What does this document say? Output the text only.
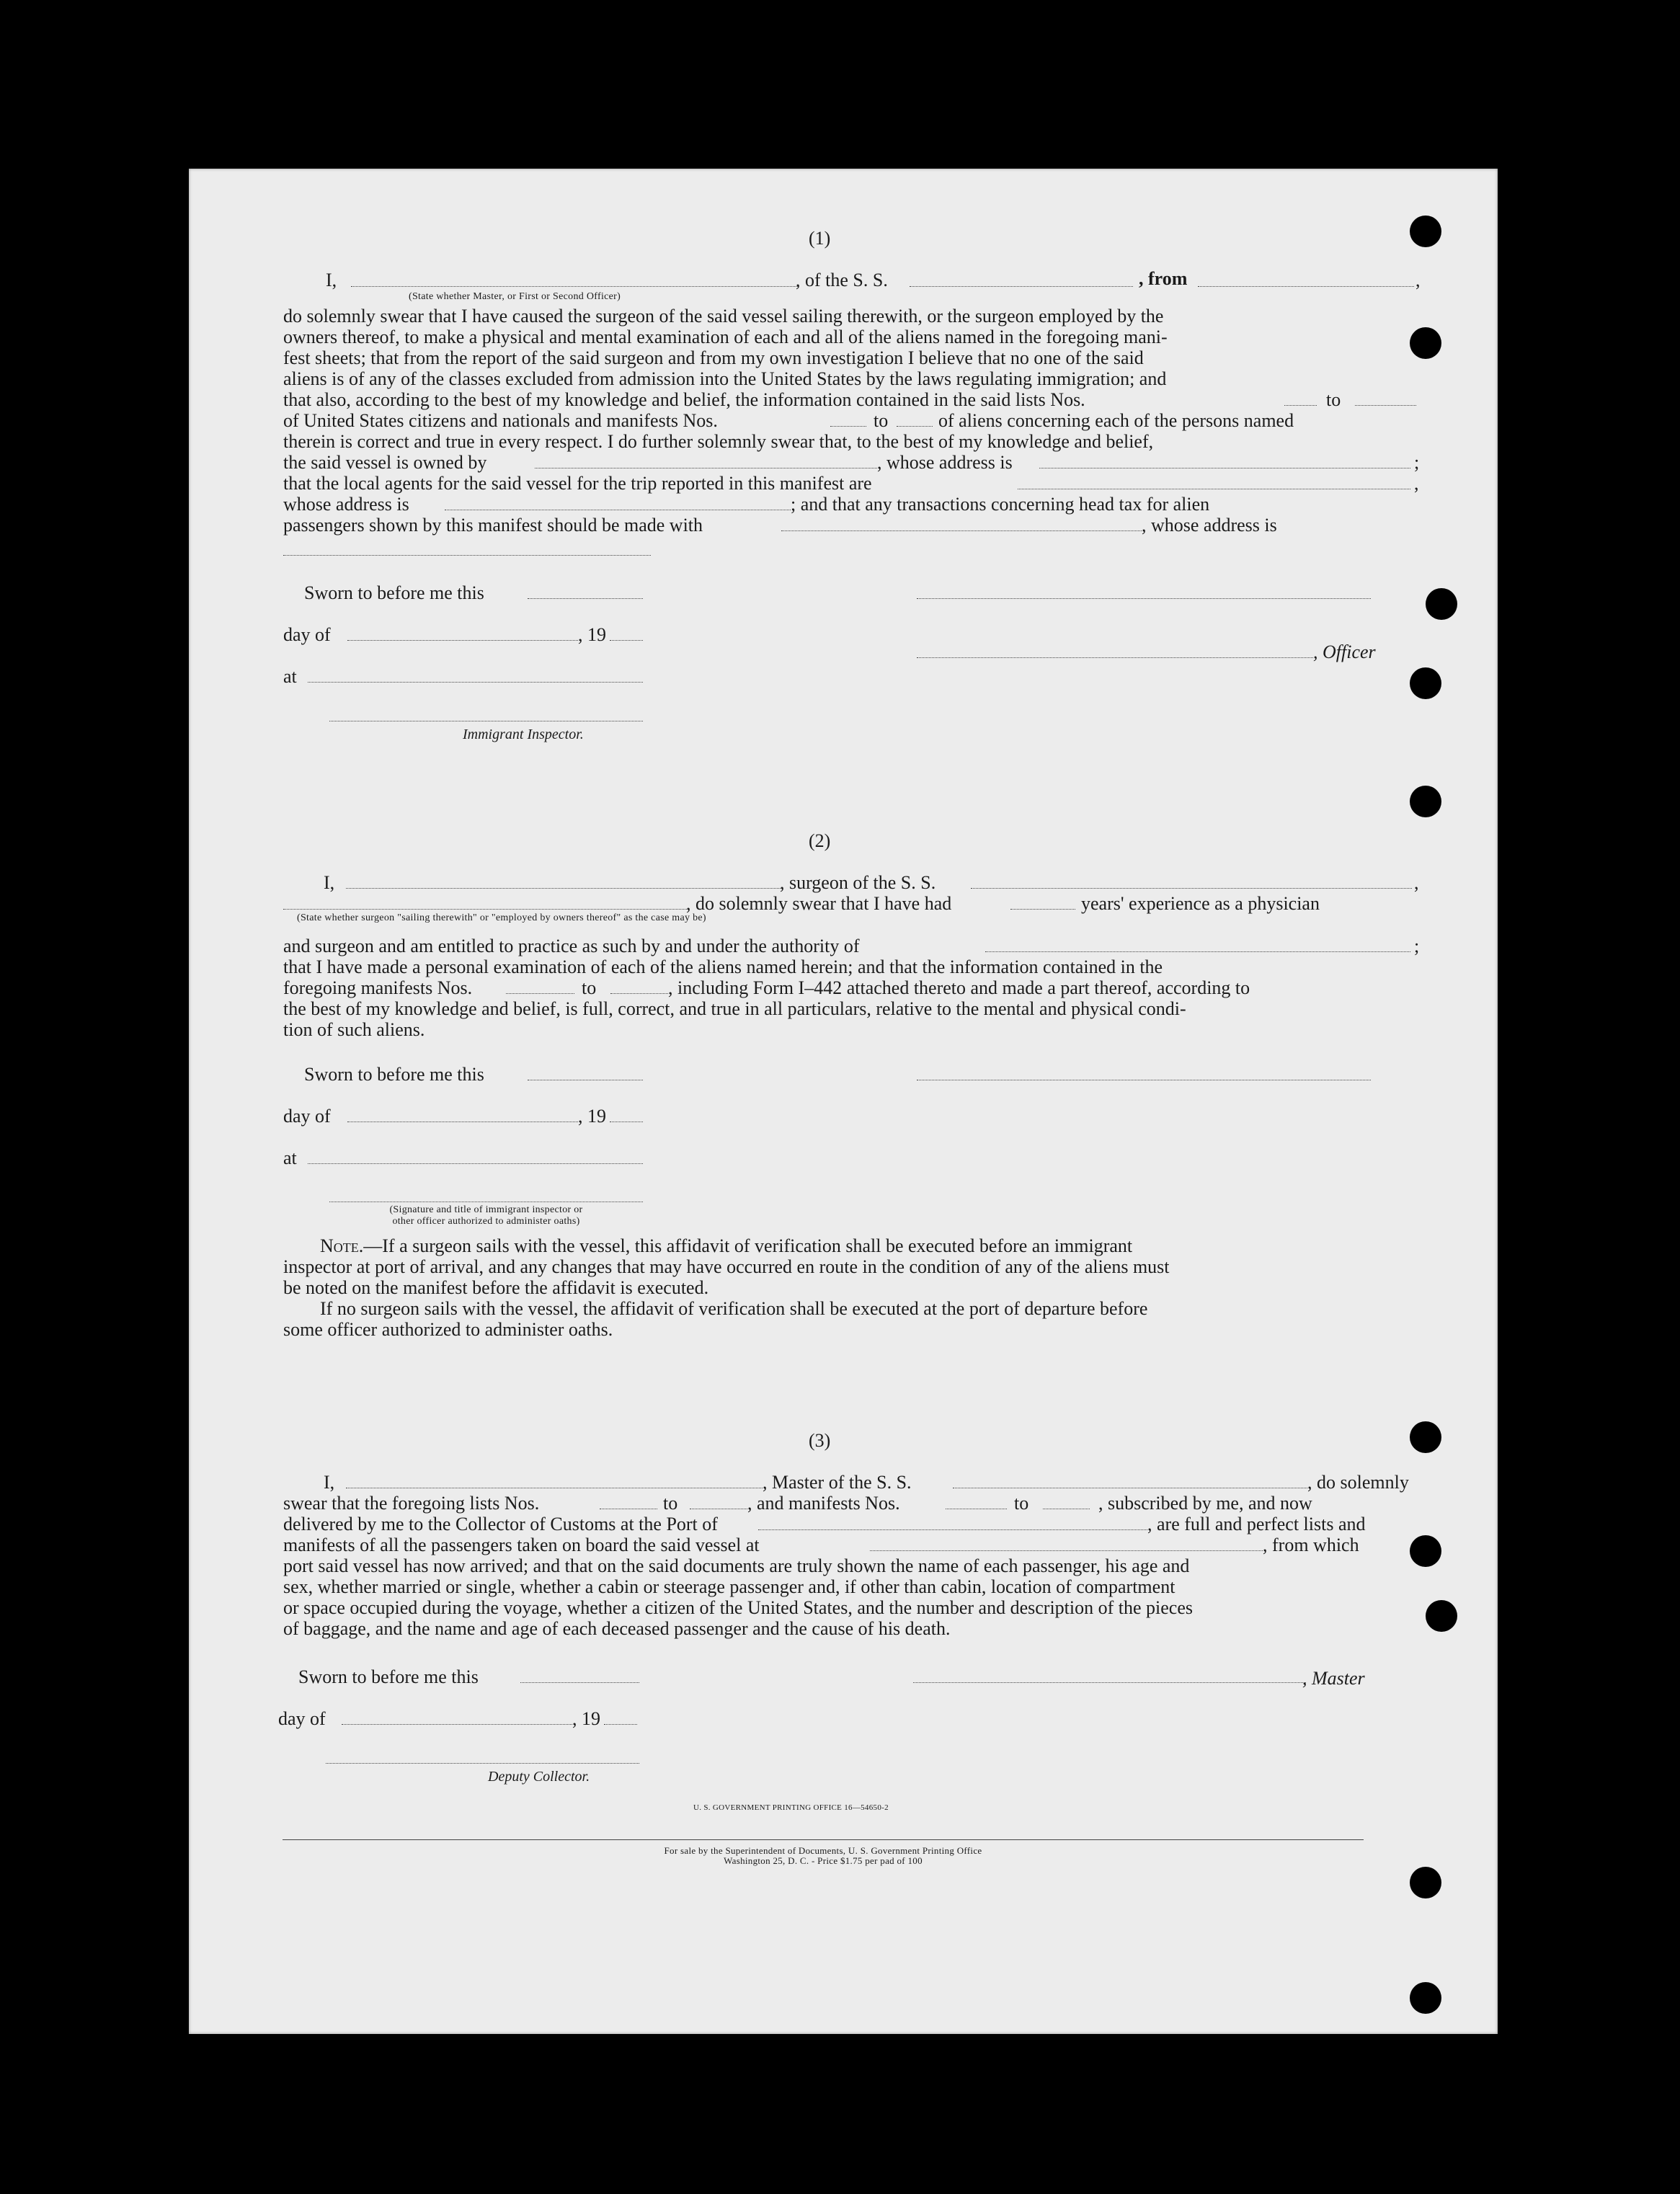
(1)
I,	, of the S. S.	, from	,
(State whether Master, or First or Second Officer)
do solemnly swear that I have caused the surgeon of the said vessel sailing therewith, or the surgeon employed by the
owners thereof, to make a physical and mental examination of each and all of the aliens named in the foregoing mani-
fest sheets; that from the report of the said surgeon and from my own investigation I believe that no one of the said
aliens is of any of the classes excluded from admission into the United States by the laws regulating immigration; and
that also, according to the best of my knowledge and belief, the information contained in the said lists Nos.	to
of United States citizens and nationals and manifests Nos.	to	of aliens concerning each of the persons named
therein is correct and true in every respect. I do further solemnly swear that, to the best of my knowledge and belief,
the said vessel is owned by	, whose address is	;
that the local agents for the said vessel for the trip reported in this manifest are	,
whose address is	; and that any transactions concerning head tax for alien
passengers shown by this manifest should be made with	, whose address is
Sworn to before me this
day of	, 19
, Officer
at
Immigrant Inspector.
(2)
I,	, surgeon of the S. S.	,
, do solemnly swear that I have had	years' experience as a physician
(State whether surgeon "sailing therewith" or "employed by owners thereof" as the case may be)
and surgeon and am entitled to practice as such by and under the authority of	;
that I have made a personal examination of each of the aliens named herein; and that the information contained in the
foregoing manifests Nos.	to	, including Form I–442 attached thereto and made a part thereof, according to
the best of my knowledge and belief, is full, correct, and true in all particulars, relative to the mental and physical condi-
tion of such aliens.
Sworn to before me this
day of	, 19
at
(Signature and title of immigrant inspector or
other officer authorized to administer oaths)
Note.—If a surgeon sails with the vessel, this affidavit of verification shall be executed before an immigrant
inspector at port of arrival, and any changes that may have occurred en route in the condition of any of the aliens must
be noted on the manifest before the affidavit is executed.
If no surgeon sails with the vessel, the affidavit of verification shall be executed at the port of departure before
some officer authorized to administer oaths.
(3)
I,	, Master of the S. S.	, do solemnly
swear that the foregoing lists Nos.	to	, and manifests Nos.	to	, subscribed by me, and now
delivered by me to the Collector of Customs at the Port of	, are full and perfect lists and
manifests of all the passengers taken on board the said vessel at	, from which
port said vessel has now arrived; and that on the said documents are truly shown the name of each passenger, his age and
sex, whether married or single, whether a cabin or steerage passenger and, if other than cabin, location of compartment
or space occupied during the voyage, whether a citizen of the United States, and the number and description of the pieces
of baggage, and the name and age of each deceased passenger and the cause of his death.
Sworn to before me this	, Master
day of	, 19
Deputy Collector.
U. S. GOVERNMENT PRINTING OFFICE 16—54650-2
For sale by the Superintendent of Documents, U. S. Government Printing Office
Washington 25, D. C. - Price $1.75 per pad of 100
